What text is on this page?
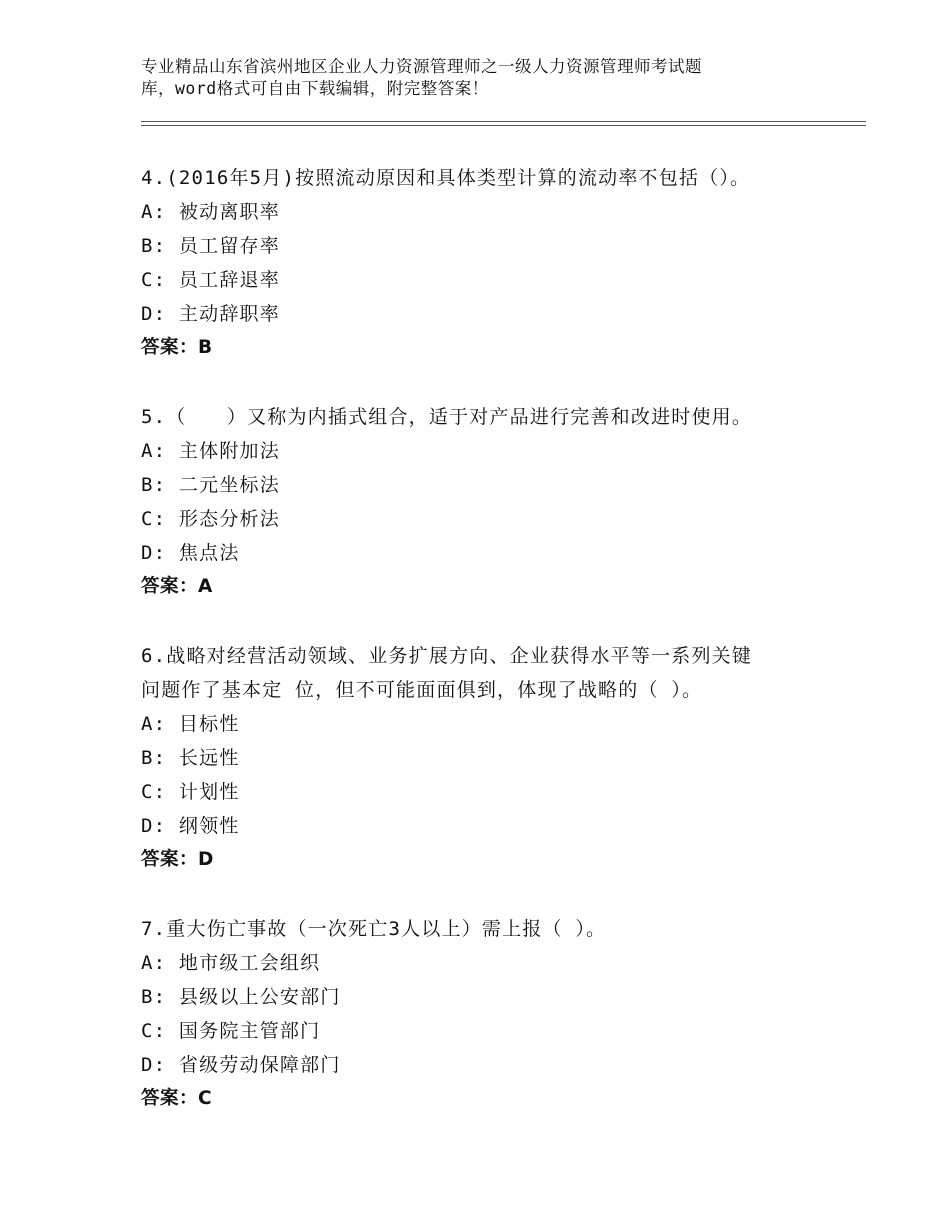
专业精品山东省滨州地区企业人力资源管理师之一级人力资源管理师考试题
库，word格式可自由下载编辑，附完整答案！
4.(2016年5月)按照流动原因和具体类型计算的流动率不包括（）。
A: 被动离职率
B: 员工留存率
C: 员工辞退率
D: 主动辞职率
答案：B
5.（　　）又称为内插式组合，适于对产品进行完善和改进时使用。
A: 主体附加法
B: 二元坐标法
C: 形态分析法
D: 焦点法
答案：A
6.战略对经营活动领域、业务扩展方向、企业获得水平等一系列关键
问题作了基本定 位，但不可能面面俱到，体现了战略的（ ）。
A: 目标性
B: 长远性
C: 计划性
D: 纲领性
答案：D
7.重大伤亡事故（一次死亡3人以上）需上报（ ）。
A: 地市级工会组织
B: 县级以上公安部门
C: 国务院主管部门
D: 省级劳动保障部门
答案：C
